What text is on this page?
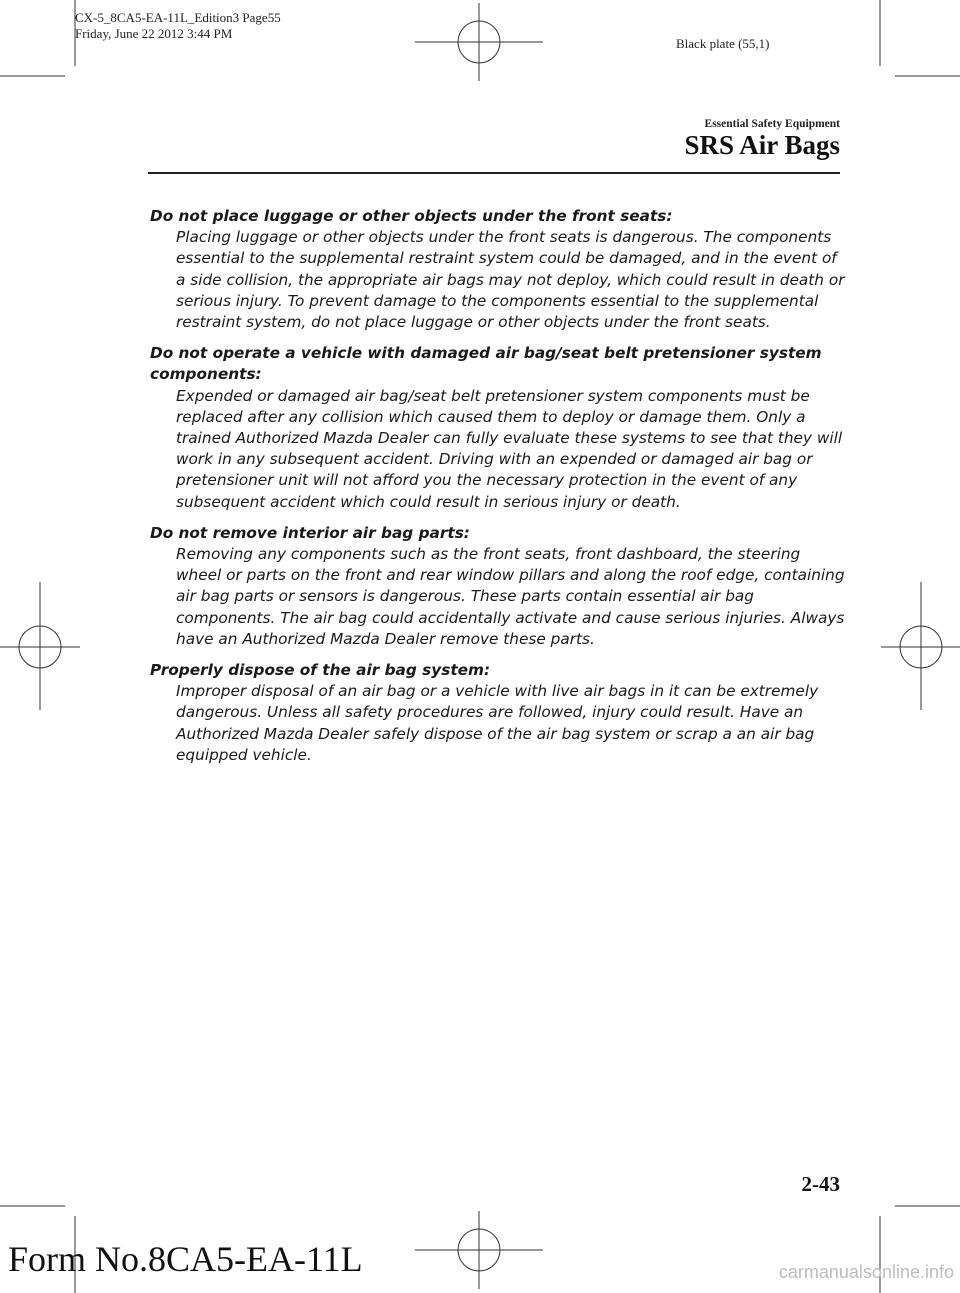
CX-5_8CA5-EA-11L_Edition3 Page55
Friday, June 22 2012 3:44 PM
Black plate (55,1)
Essential Safety Equipment
SRS Air Bags

Do not place luggage or other objects under the front seats:

Placing luggage or other objects under the front seats is dangerous. The components essential to the supplemental restraint system could be damaged, and in the event of a side collision, the appropriate air bags may not deploy, which could result in death or serious injury. To prevent damage to the components essential to the supplemental restraint system, do not place luggage or other objects under the front seats.

Do not operate a vehicle with damaged air bag/seat belt pretensioner system components:

Expended or damaged air bag/seat belt pretensioner system components must be replaced after any collision which caused them to deploy or damage them. Only a trained Authorized Mazda Dealer can fully evaluate these systems to see that they will work in any subsequent accident. Driving with an expended or damaged air bag or pretensioner unit will not afford you the necessary protection in the event of any subsequent accident which could result in serious injury or death.

Do not remove interior air bag parts:

Removing any components such as the front seats, front dashboard, the steering wheel or parts on the front and rear window pillars and along the roof edge, containing air bag parts or sensors is dangerous. These parts contain essential air bag components. The air bag could accidentally activate and cause serious injuries. Always have an Authorized Mazda Dealer remove these parts.

Properly dispose of the air bag system:

Improper disposal of an air bag or a vehicle with live air bags in it can be extremely dangerous. Unless all safety procedures are followed, injury could result. Have an Authorized Mazda Dealer safely dispose of the air bag system or scrap a an air bag equipped vehicle.

2-43
Form No.8CA5-EA-11L	carmanualsonline.info
